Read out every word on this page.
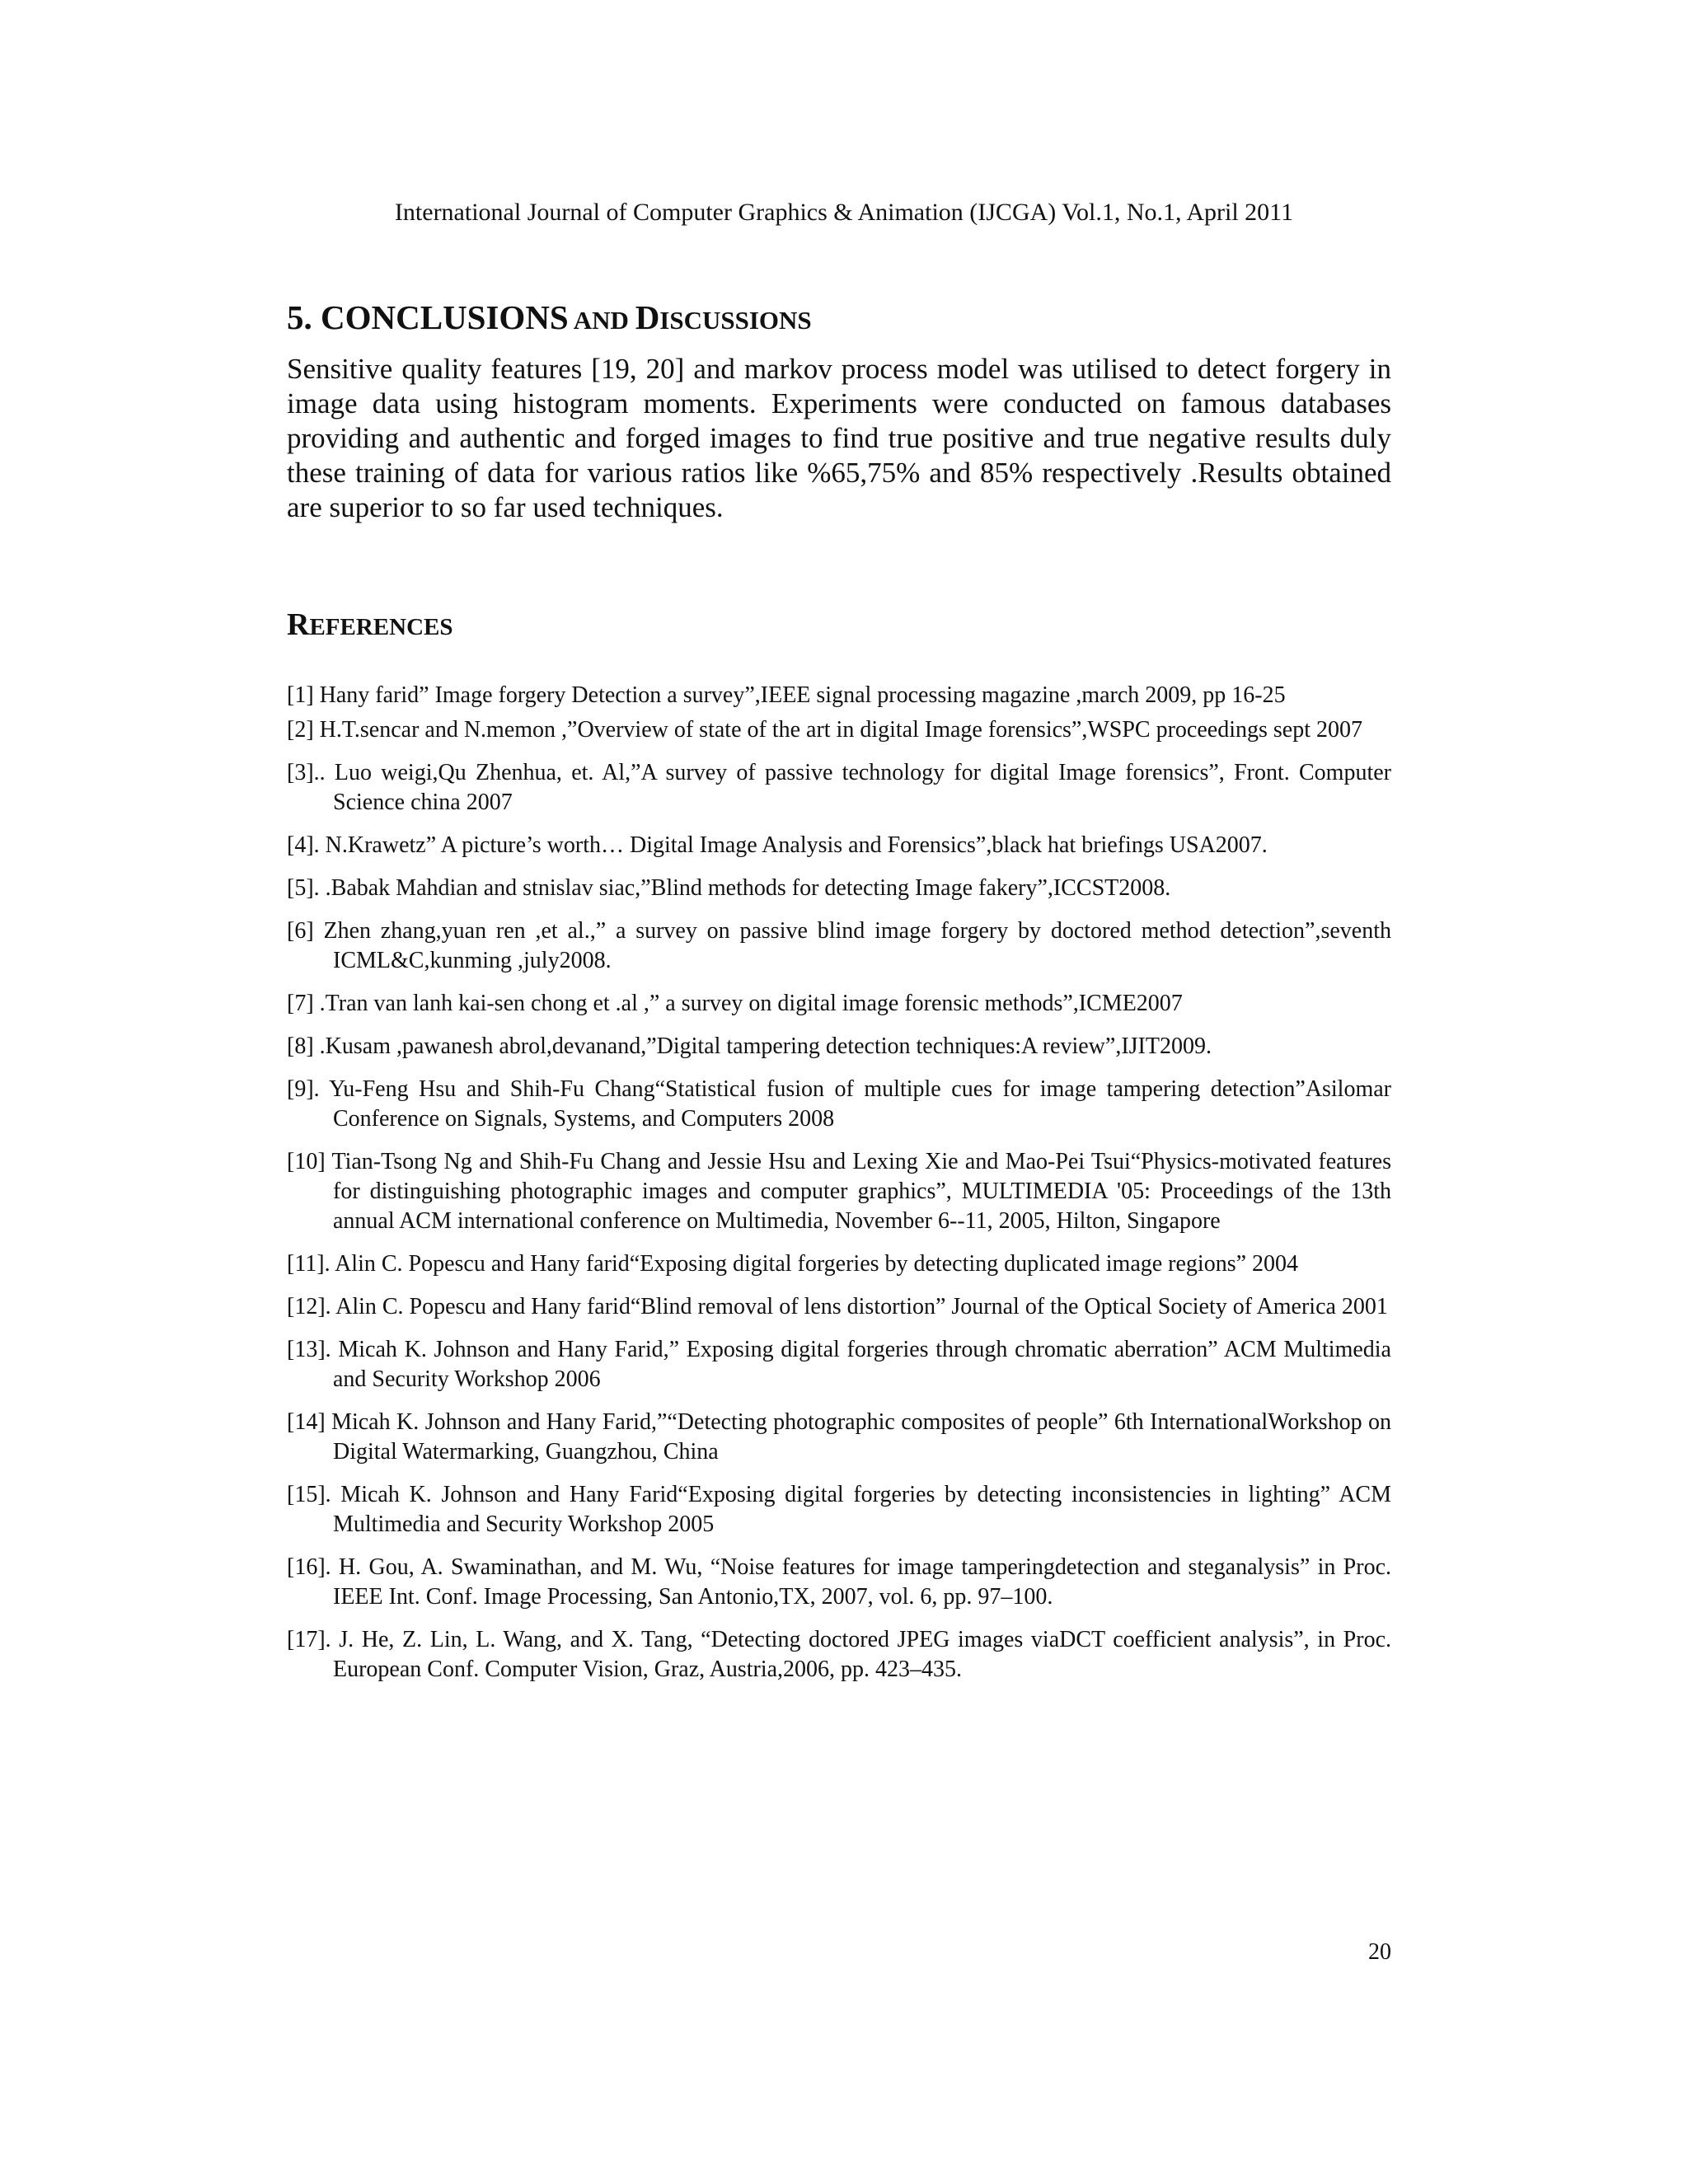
International Journal of Computer Graphics & Animation (IJCGA) Vol.1, No.1, April 2011
5. CONCLUSIONS AND DISCUSSIONS

Sensitive quality features [19, 20] and markov process model was utilised to detect forgery in image data using histogram moments. Experiments were conducted on famous databases providing and authentic and forged images to find true positive and true negative results duly these training of data for various ratios like %65,75% and 85% respectively .Results obtained are superior to so far used techniques.

REFERENCES
[1] Hany farid” Image forgery Detection a survey”,IEEE signal processing magazine ,march 2009, pp 16-25
[2] H.T.sencar and N.memon ,”Overview of state of the art in digital Image forensics”,WSPC proceedings sept 2007
[3].. Luo weigi,Qu Zhenhua, et. Al,”A survey of passive technology for digital Image forensics”, Front. Computer Science china 2007
[4]. N.Krawetz” A picture’s worth… Digital Image Analysis and Forensics”,black hat briefings USA2007.
[5]. .Babak Mahdian and stnislav siac,”Blind methods for detecting Image fakery”,ICCST2008.
[6] Zhen zhang,yuan ren ,et al.,” a survey on passive blind image forgery by doctored method detection”,seventh ICML&C,kunming ,july2008.
[7] .Tran van lanh kai-sen chong et .al ,” a survey on digital image forensic methods”,ICME2007
[8] .Kusam ,pawanesh abrol,devanand,”Digital tampering detection techniques:A review”,IJIT2009.
[9]. Yu-Feng Hsu and Shih-Fu Chang“Statistical fusion of multiple cues for image tampering detection”Asilomar Conference on Signals, Systems, and Computers 2008
[10] Tian-Tsong Ng and Shih-Fu Chang and Jessie Hsu and Lexing Xie and Mao-Pei Tsui“Physics-motivated features for distinguishing photographic images and computer graphics”, MULTIMEDIA '05: Proceedings of the 13th annual ACM international conference on Multimedia, November 6--11, 2005, Hilton, Singapore
[11]. Alin C. Popescu and Hany farid“Exposing digital forgeries by detecting duplicated image regions” 2004
[12]. Alin C. Popescu and Hany farid“Blind removal of lens distortion” Journal of the Optical Society of America 2001
[13]. Micah K. Johnson and Hany Farid,” Exposing digital forgeries through chromatic aberration” ACM Multimedia and Security Workshop 2006
[14] Micah K. Johnson and Hany Farid,”“Detecting photographic composites of people” 6th InternationalWorkshop on Digital Watermarking, Guangzhou, China
[15]. Micah K. Johnson and Hany Farid“Exposing digital forgeries by detecting inconsistencies in lighting” ACM Multimedia and Security Workshop 2005
[16]. H. Gou, A. Swaminathan, and M. Wu, “Noise features for image tamperingdetection and steganalysis” in Proc. IEEE Int. Conf. Image Processing, San Antonio,TX, 2007, vol. 6, pp. 97–100.
[17]. J. He, Z. Lin, L. Wang, and X. Tang, “Detecting doctored JPEG images viaDCT coefficient analysis”, in Proc. European Conf. Computer Vision, Graz, Austria,2006, pp. 423–435.
20
